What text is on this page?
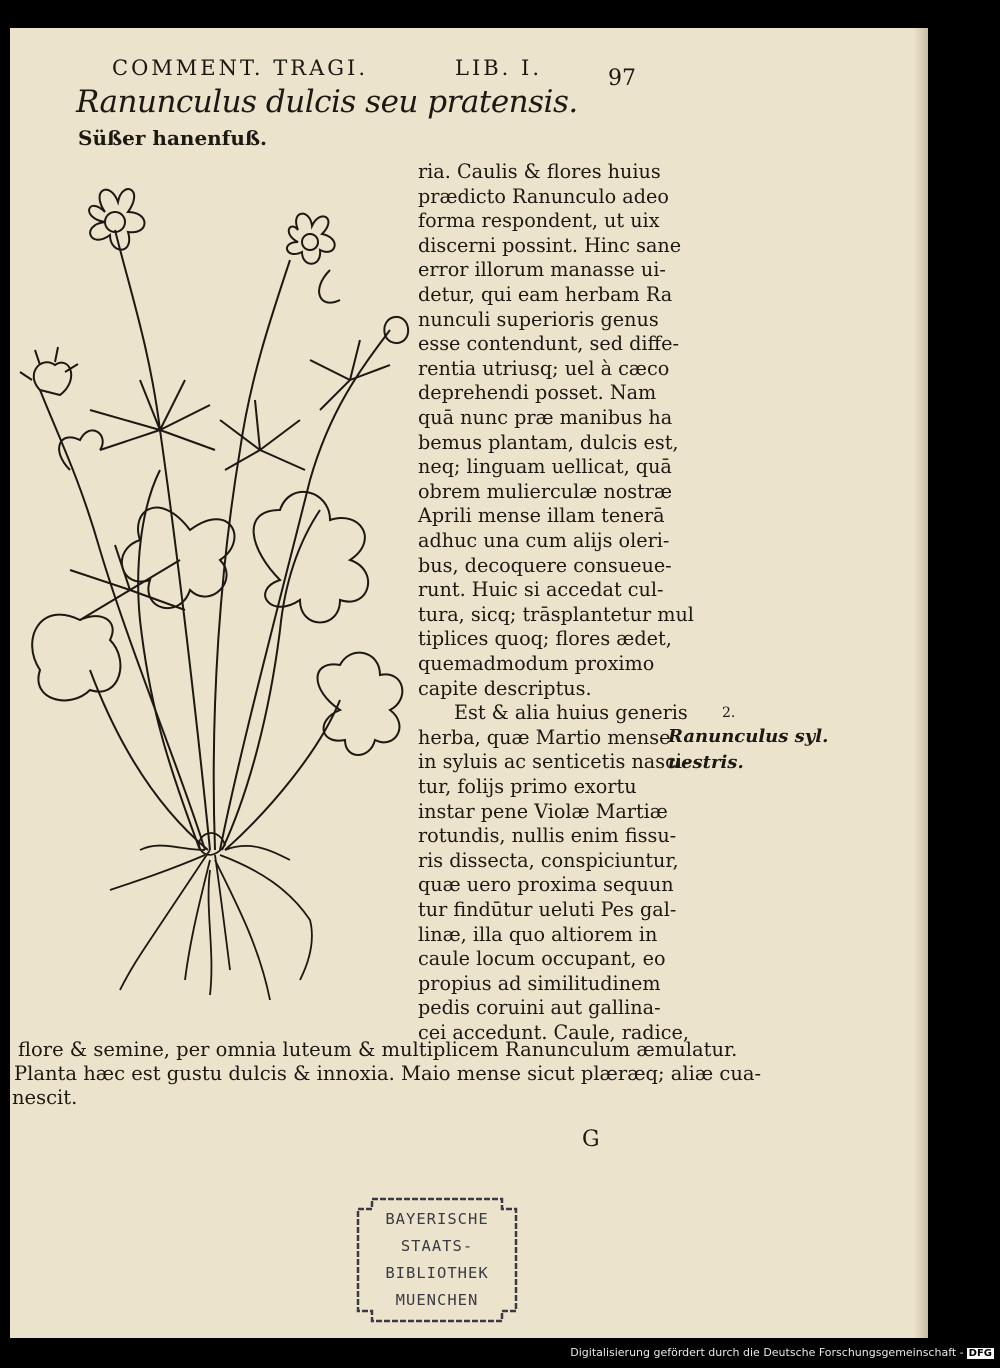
COMMENT. TRAGI.	LIB. I.	97
Ranunculus dulcis seu pratensis.
Süßer hanenfuß.
ria. Caulis & flores huius
prædicto Ranunculo adeo
forma respondent, ut uix
discerni possint. Hinc sane
error illorum manasse ui-
detur, qui eam herbam Ra
nunculi superioris genus
esse contendunt, sed diffe-
rentia utriusq; uel à cæco
deprehendi posset. Nam
quā nunc præ manibus ha
bemus plantam, dulcis est,
neq; linguam uellicat, quā
obrem mulierculæ nostræ
Aprili mense illam tenerā
adhuc una cum alijs oleri-
bus, decoquere consueue-
runt. Huic si accedat cul-
tura, sicq; trāsplantetur mul
tiplices quoq; flores ædet,
quemadmodum proximo
capite descriptus.
Est & alia huius generis
herba, quæ Martio mense
in syluis ac senticetis nasci-
tur, folijs primo exortu
instar pene Violæ Martiæ
rotundis, nullis enim fissu-
ris dissecta, conspiciuntur,
quæ uero proxima sequun
tur findūtur ueluti Pes gal-
linæ, illa quo altiorem in
caule locum occupant, eo
propius ad similitudinem
pedis coruini aut gallina-
cei accedunt. Caule, radice,
flore & semine, per omnia luteum & multiplicem Ranunculum æmulatur.
Planta hæc est gustu dulcis & innoxia. Maio mense sicut plæræq; aliæ cua-
nescit.
2.
Ranunculus syl.
uestris.
G
BAYERISCHE
STAATS-
BIBLIOTHEK
MUENCHEN
Digitalisierung gefördert durch die Deutsche Forschungsgemeinschaft - DFG
